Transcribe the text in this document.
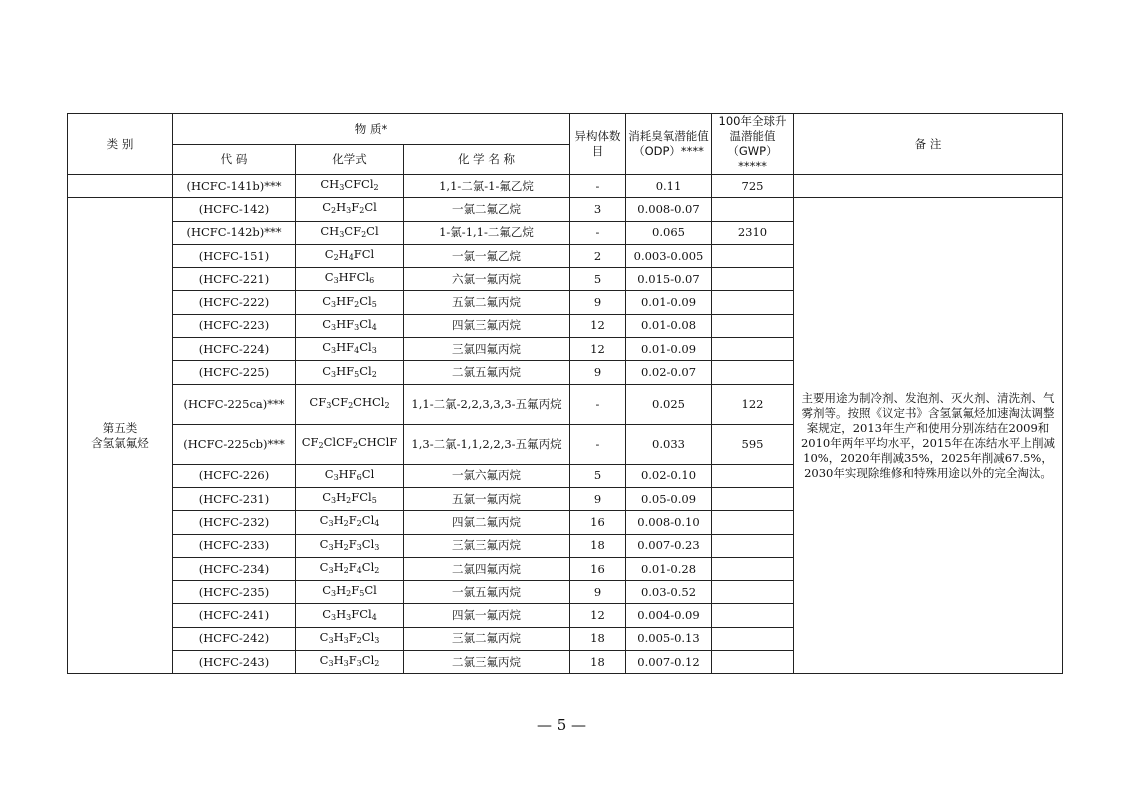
类 别	物 质*			异构体数目	消耗臭氧潜能值（ODP）****	100年全球升温潜能值（GWP）*****	备 注
	代 码	化学式	化 学 名 称				
	(HCFC-141b)***	$CH_3CFCl_2$	1,1-二氯-1-氟乙烷	-	0.11	725	
第五类
含氢氯氟烃	(HCFC-142)	$C_2H_3F_2Cl$	一氯二氟乙烷	3	0.008-0.07		主要用途为制冷剂、发泡剂、灭火剂、清洗剂、气雾剂等。按照《议定书》含氢氯氟烃加速淘汰调整案规定，2013年生产和使用分别冻结在2009和2010年两年平均水平，2015年在冻结水平上削减10%，2020年削减35%，2025年削减67.5%，2030年实现除维修和特殊用途以外的完全淘汰。
	(HCFC-142b)***	$CH_3CF_2Cl$	1-氯-1,1-二氟乙烷	-	0.065	2310	
	(HCFC-151)	$C_2H_4FCl$	一氯一氟乙烷	2	0.003-0.005		
	(HCFC-221)	$C_3HFCl_6$	六氯一氟丙烷	5	0.015-0.07		
	(HCFC-222)	$C_3HF_2Cl_5$	五氯二氟丙烷	9	0.01-0.09		
	(HCFC-223)	$C_3HF_3Cl_4$	四氯三氟丙烷	12	0.01-0.08		
	(HCFC-224)	$C_3HF_4Cl_3$	三氯四氟丙烷	12	0.01-0.09		
	(HCFC-225)	$C_3HF_5Cl_2$	二氯五氟丙烷	9	0.02-0.07		
	(HCFC-225ca)***	$CF_3CF_2CHCl_2$	1,1-二氯-2,2,3,3,3-五氟丙烷	-	0.025	122	
	(HCFC-225cb)***	$CF_2ClCF_2CHClF$	1,3-二氯-1,1,2,2,3-五氟丙烷	-	0.033	595	
	(HCFC-226)	$C_3HF_6Cl$	一氯六氟丙烷	5	0.02-0.10		
	(HCFC-231)	$C_3H_2FCl_5$	五氯一氟丙烷	9	0.05-0.09		
	(HCFC-232)	$C_3H_2F_2Cl_4$	四氯二氟丙烷	16	0.008-0.10		
	(HCFC-233)	$C_3H_2F_3Cl_3$	三氯三氟丙烷	18	0.007-0.23		
	(HCFC-234)	$C_3H_2F_4Cl_2$	二氯四氟丙烷	16	0.01-0.28		
	(HCFC-235)	$C_3H_2F_5Cl$	一氯五氟丙烷	9	0.03-0.52		
	(HCFC-241)	$C_3H_3FCl_4$	四氯一氟丙烷	12	0.004-0.09		
	(HCFC-242)	$C_3H_3F_2Cl_3$	三氯二氟丙烷	18	0.005-0.13		
	(HCFC-243)	$C_3H_3F_3Cl_2$	二氯三氟丙烷	18	0.007-0.12		
— 5 —
